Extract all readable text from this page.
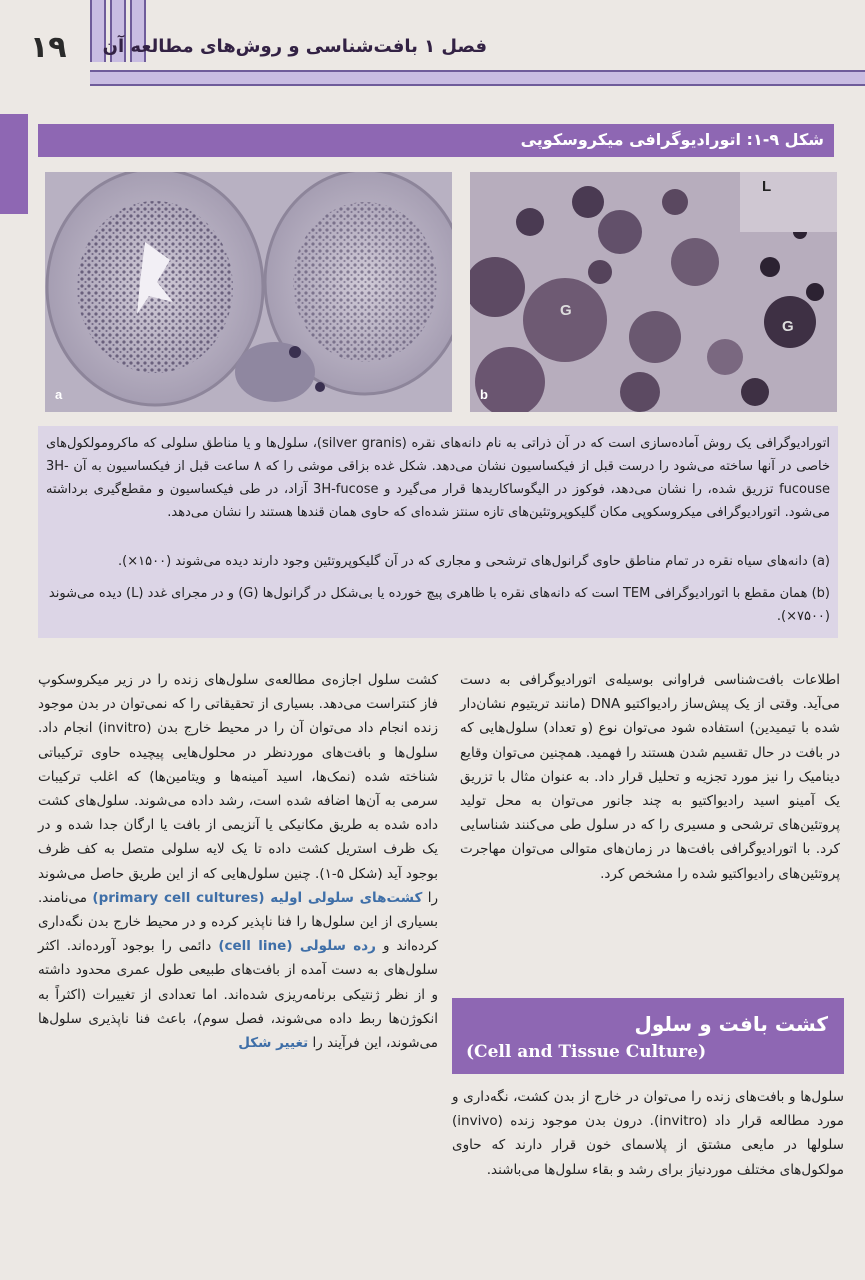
۱۹ فصل ۱ بافت‌شناسی و روش‌های مطالعه آن
شکل ۹-۱: اتورادیوگرافی میکروسکوپی
a	b
L
G
G

اتورادیوگرافی یک روش آماده‌سازی است که در آن ذراتی به نام دانه‌های نقره (silver granis)، سلول‌ها و یا مناطق سلولی که ماکرومولکول‌های خاصی در آنها ساخته می‌شود را درست قبل از فیکساسیون نشان می‌دهد. شکل غده بزاقی موشی را که ۸ ساعت قبل از فیکساسیون به آن 3H-fucouse تزریق شده، را نشان می‌دهد، فوکوز در الیگوساکاریدها قرار می‌گیرد و 3H-fucose آزاد، در طی فیکساسیون و مقطع‌گیری برداشته می‌شود. اتورادیوگرافی میکروسکوپی مکان گلیکوپروتئین‌های تازه سنتز شده‌ای که حاوی همان قندها هستند را نشان می‌دهد.

(a) دانه‌های سیاه نقره در تمام مناطق حاوی گرانول‌های ترشحی و مجاری که در آن گلیکوپروتئین وجود دارند دیده می‌شوند (۱۵۰۰×).

(b) همان مقطع با اتورادیوگرافی TEM است که دانه‌های نقره با ظاهری پیچ خورده یا بی‌شکل در گرانول‌ها (G) و در مجرای غدد (L) دیده می‌شوند (۷۵۰۰×).

اطلاعات بافت‌شناسی فراوانی بوسیله‌ی اتورادیوگرافی به دست می‌آید. وقتی از یک پیش‌ساز رادیواکتیو DNA (مانند تریتیوم نشان‌دار شده با تیمیدین) استفاده شود می‌توان نوع (و تعداد) سلول‌هایی که در بافت در حال تقسیم شدن هستند را فهمید. همچنین می‌توان وقایع دینامیک را نیز مورد تجزیه و تحلیل قرار داد. به عنوان مثال با تزریق یک آمینو اسید رادیواکتیو به چند جانور می‌توان به محل تولید پروتئین‌های ترشحی و مسیری را که در سلول طی می‌کنند شناسایی کرد. با اتورادیوگرافی بافت‌ها در زمان‌های متوالی می‌توان مهاجرت پروتئین‌های رادیواکتیو شده را مشخص کرد.

کشت بافت و سلول
(Cell and Tissue Culture)

سلول‌ها و بافت‌های زنده را می‌توان در خارج از بدن کشت، نگه‌داری و مورد مطالعه قرار داد (invitro). درون بدن موجود زنده (invivo) سلولها در مایعی مشتق از پلاسمای خون قرار دارند که حاوی مولکول‌های مختلف موردنیاز برای رشد و بقاء سلول‌ها می‌باشند.

کشت سلول اجازه‌ی مطالعه‌ی سلول‌های زنده را در زیر میکروسکوپ فاز کنتراست می‌دهد. بسیاری از تحقیقاتی را که نمی‌توان در بدن موجود زنده انجام داد می‌توان آن را در محیط خارج بدن (invitro) انجام داد. سلول‌ها و بافت‌های موردنظر در محلول‌هایی پیچیده حاوی ترکیباتی شناخته شده (نمک‌ها، اسید آمینه‌ها و ویتامین‌ها) که اغلب ترکیبات سرمی به آن‌ها اضافه شده است، رشد داده می‌شوند. سلول‌های کشت داده شده به طریق مکانیکی یا آنزیمی از بافت یا ارگان جدا شده و در یک ظرف استریل کشت داده تا یک لایه سلولی متصل به کف ظرف بوجود آید (شکل ۵-۱). چنین سلول‌هایی که از این طریق حاصل می‌شوند را کشت‌های سلولی اولیه (primary cell cultures) می‌نامند. بسیاری از این سلول‌ها را فنا ناپذیر کرده و در محیط خارج بدن نگه‌داری کرده‌اند و رده سلولی (cell line) دائمی را بوجود آورده‌اند. اکثر سلول‌های به دست آمده از بافت‌های طبیعی طول عمری محدود داشته و از نظر ژنتیکی برنامه‌ریزی شده‌اند. اما تعدادی از تغییرات (اکثراً به انکوژن‌ها ربط داده می‌شوند، فصل سوم)، باعث فنا ناپذیری سلول‌ها می‌شوند، این فرآیند را تغییر شکل
